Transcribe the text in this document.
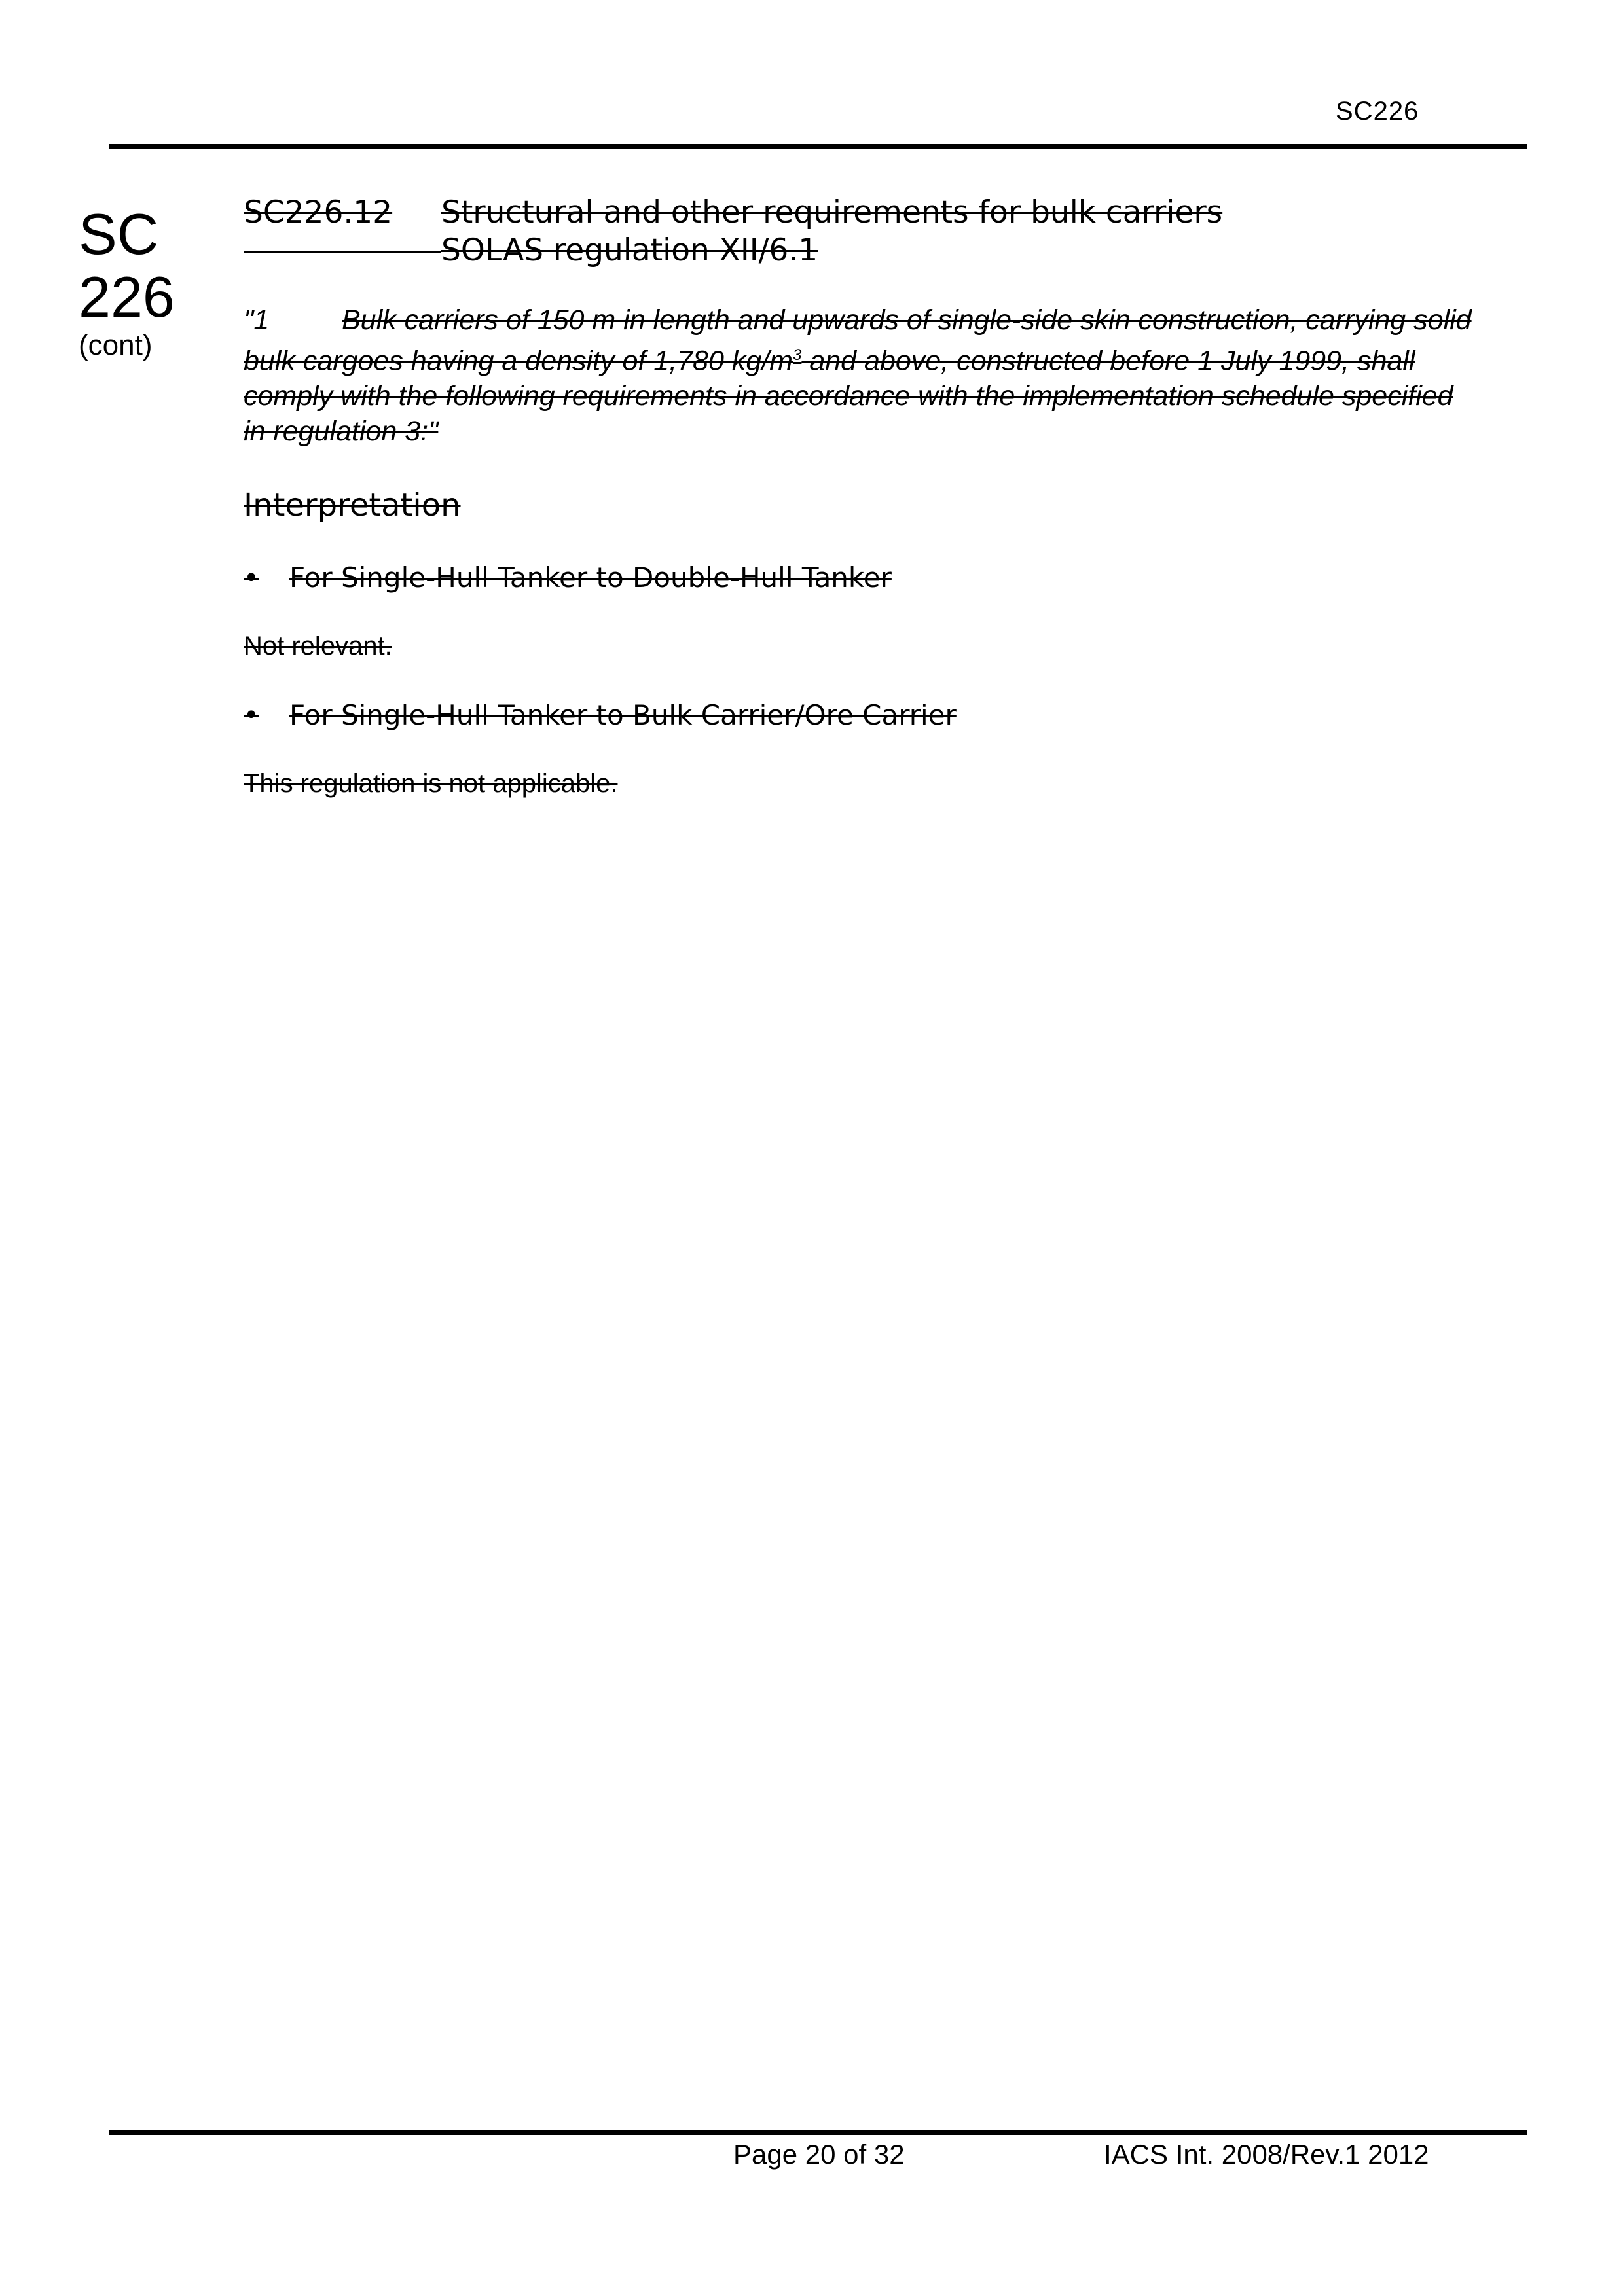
SC226
SC
226
(cont)
SC226.12	Structural and other requirements for bulk carriers
SOLAS regulation XII/6.1
"1	Bulk carriers of 150 m in length and upwards of single-side skin construction, carrying solid bulk cargoes having a density of 1,780 $kg/m^3$ and above, constructed before 1 July 1999, shall comply with the following requirements in accordance with the implementation schedule specified in regulation 3:"
Interpretation
•	For Single-Hull Tanker to Double-Hull Tanker
Not relevant.
•	For Single-Hull Tanker to Bulk Carrier/Ore Carrier
This regulation is not applicable.
Page 20 of 32	IACS Int. 2008/Rev.1 2012
